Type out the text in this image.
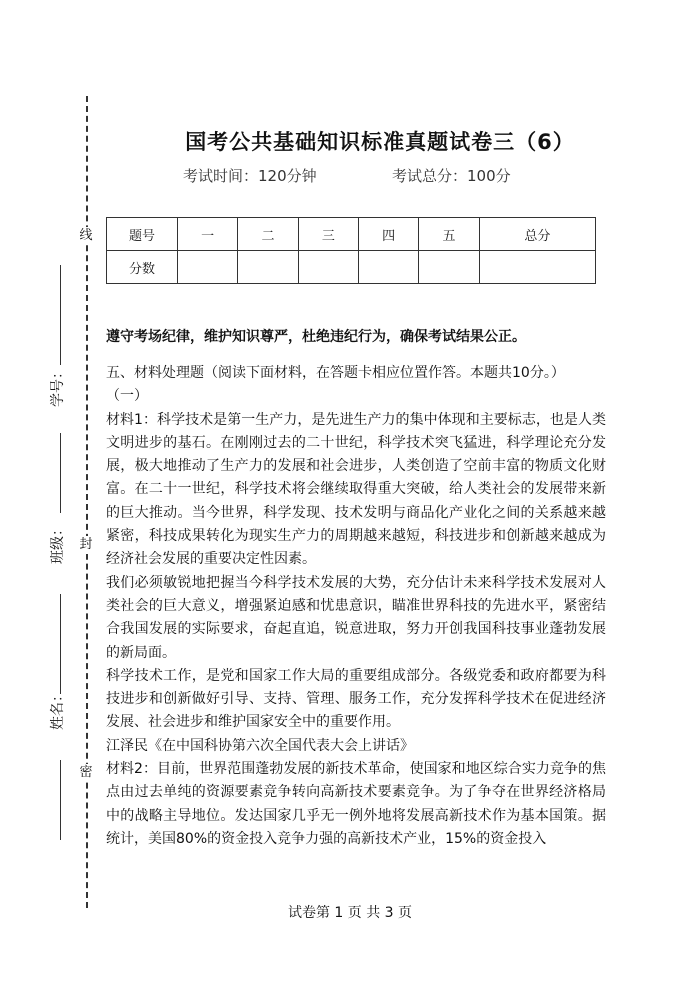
线
封
密
学号：
班级：
姓名：
国考公共基础知识标准真题试卷三（6）
考试时间：120分钟	考试总分：100分
题号	一	二	三	四	五	总分
分数						
遵守考场纪律，维护知识尊严，杜绝违纪行为，确保考试结果公正。

五、材料处理题（阅读下面材料，在答题卡相应位置作答。本题共10分。）

（一）

材料1：科学技术是第一生产力，是先进生产力的集中体现和主要标志，也是人类文明进步的基石。在刚刚过去的二十世纪，科学技术突飞猛进，科学理论充分发展，极大地推动了生产力的发展和社会进步，人类创造了空前丰富的物质文化财富。在二十一世纪，科学技术将会继续取得重大突破，给人类社会的发展带来新的巨大推动。当今世界，科学发现、技术发明与商品化产业化之间的关系越来越紧密，科技成果转化为现实生产力的周期越来越短，科技进步和创新越来越成为经济社会发展的重要决定性因素。

我们必须敏锐地把握当今科学技术发展的大势，充分估计未来科学技术发展对人类社会的巨大意义，增强紧迫感和忧患意识，瞄准世界科技的先进水平，紧密结合我国发展的实际要求，奋起直追，锐意进取，努力开创我国科技事业蓬勃发展的新局面。

科学技术工作，是党和国家工作大局的重要组成部分。各级党委和政府都要为科技进步和创新做好引导、支持、管理、服务工作，充分发挥科学技术在促进经济发展、社会进步和维护国家安全中的重要作用。

江泽民《在中国科协第六次全国代表大会上讲话》

材料2：目前，世界范围蓬勃发展的新技术革命，使国家和地区综合实力竞争的焦点由过去单纯的资源要素竞争转向高新技术要素竞争。为了争夺在世界经济格局中的战略主导地位。发达国家几乎无一例外地将发展高新技术作为基本国策。据统计，美国80%的资金投入竞争力强的高新技术产业，15%的资金投入

试卷第 1 页 共 3 页
